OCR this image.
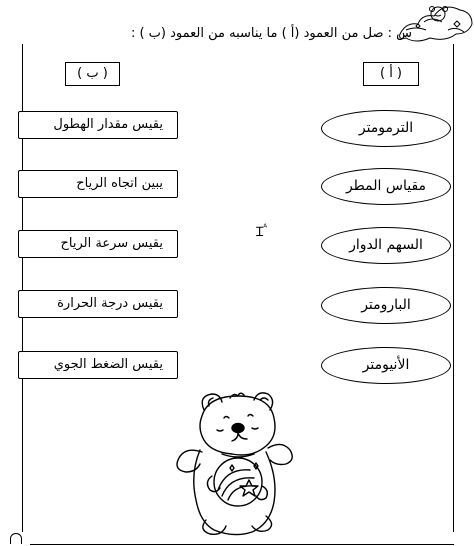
س : صل من العمود (أ ) ما يناسبه من العمود (ب ) :
( ب )	( أ )
يقيس مقدار الهطول
يبين اتجاه الرياح
يقيس سرعة الرياح
يقيس درجة الحرارة
يقيس الضغط الجوي
الترمومتر
مقياس المطر
السهم الدوار
البارومتر
الأنيومتر
Ɪ$^ᴬ$
